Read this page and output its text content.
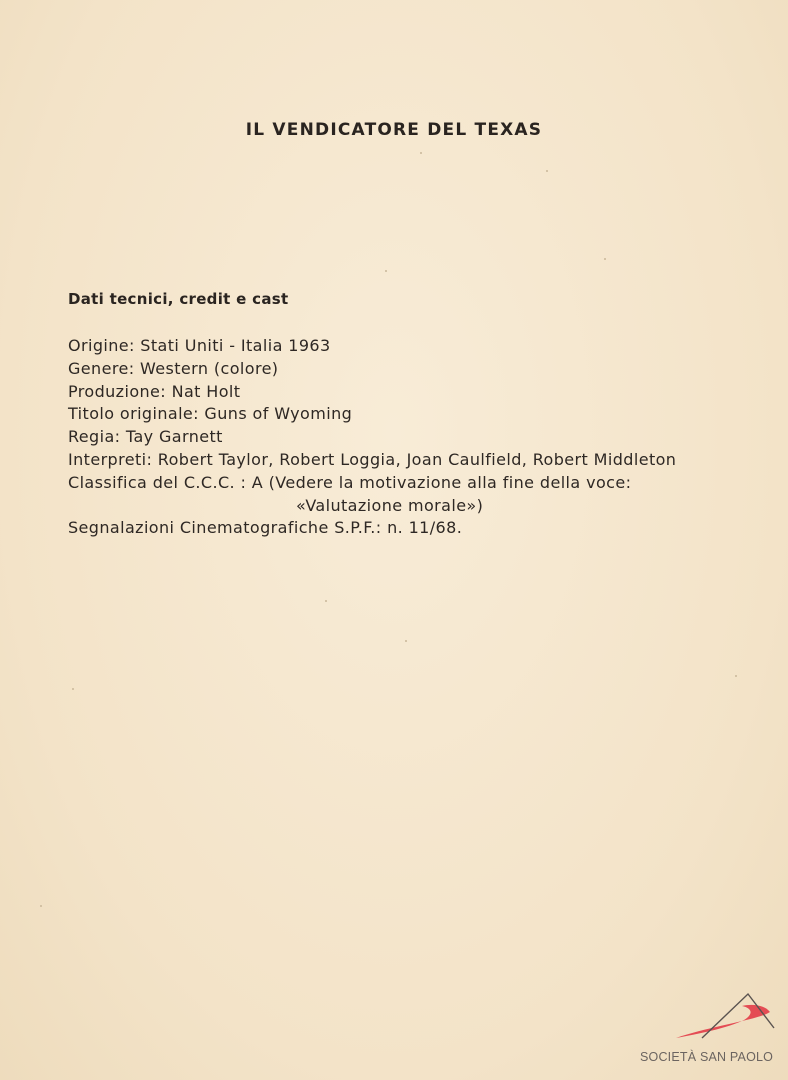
IL VENDICATORE DEL TEXAS
Dati tecnici, credit e cast
Origine: Stati Uniti - Italia 1963
Genere: Western (colore)
Produzione: Nat Holt
Titolo originale: Guns of Wyoming
Regia: Tay Garnett
Interpreti: Robert Taylor, Robert Loggia, Joan Caulfield, Robert Middleton
Classifica del C.C.C. : A (Vedere la motivazione alla fine della voce:
«Valutazione morale»)
Segnalazioni Cinematografiche S.P.F.: n. 11/68.
SOCIETÀ SAN PAOLO
